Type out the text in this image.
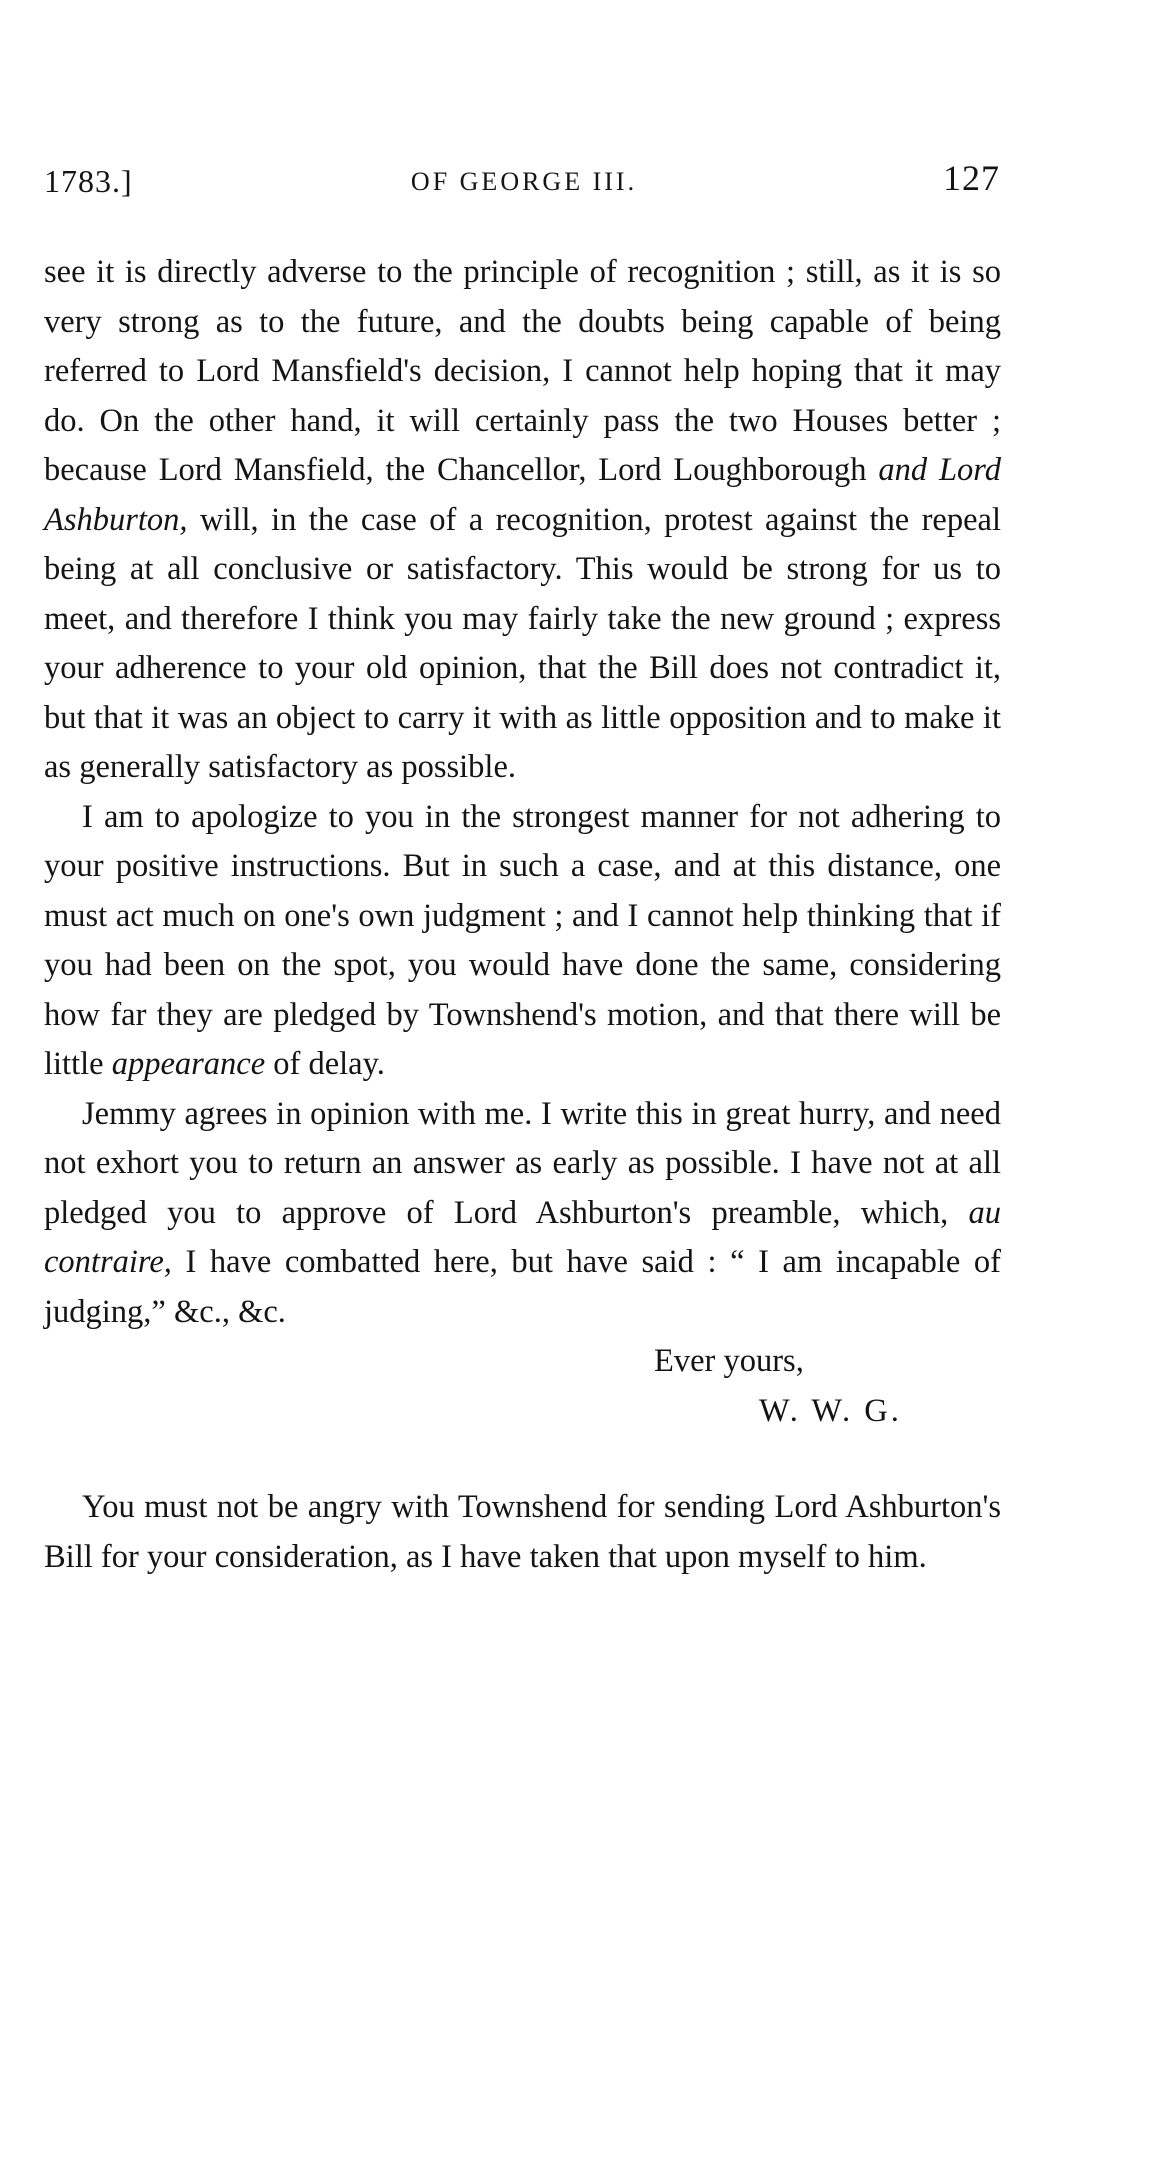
1783.]	OF GEORGE III.	127

see it is directly adverse to the principle of recognition ; still, as it is so very strong as to the future, and the doubts being capable of being referred to Lord Mansfield's decision, I cannot help hoping that it may do. On the other hand, it will certainly pass the two Houses better ; because Lord Mansfield, the Chancellor, Lord Loughborough and Lord Ashburton, will, in the case of a recognition, protest against the repeal being at all conclusive or satisfactory. This would be strong for us to meet, and therefore I think you may fairly take the new ground ; express your adherence to your old opinion, that the Bill does not contradict it, but that it was an object to carry it with as little opposition and to make it as generally satisfactory as possible.

I am to apologize to you in the strongest manner for not adhering to your positive instructions. But in such a case, and at this distance, one must act much on one's own judgment ; and I cannot help thinking that if you had been on the spot, you would have done the same, considering how far they are pledged by Townshend's motion, and that there will be little appearance of delay.

Jemmy agrees in opinion with me. I write this in great hurry, and need not exhort you to return an answer as early as possible. I have not at all pledged you to approve of Lord Ashburton's preamble, which, au contraire, I have combatted here, but have said : “ I am incapable of judging,” &c., &c.

Ever yours,
W. W. G.

You must not be angry with Townshend for sending Lord Ashburton's Bill for your consideration, as I have taken that upon myself to him.
